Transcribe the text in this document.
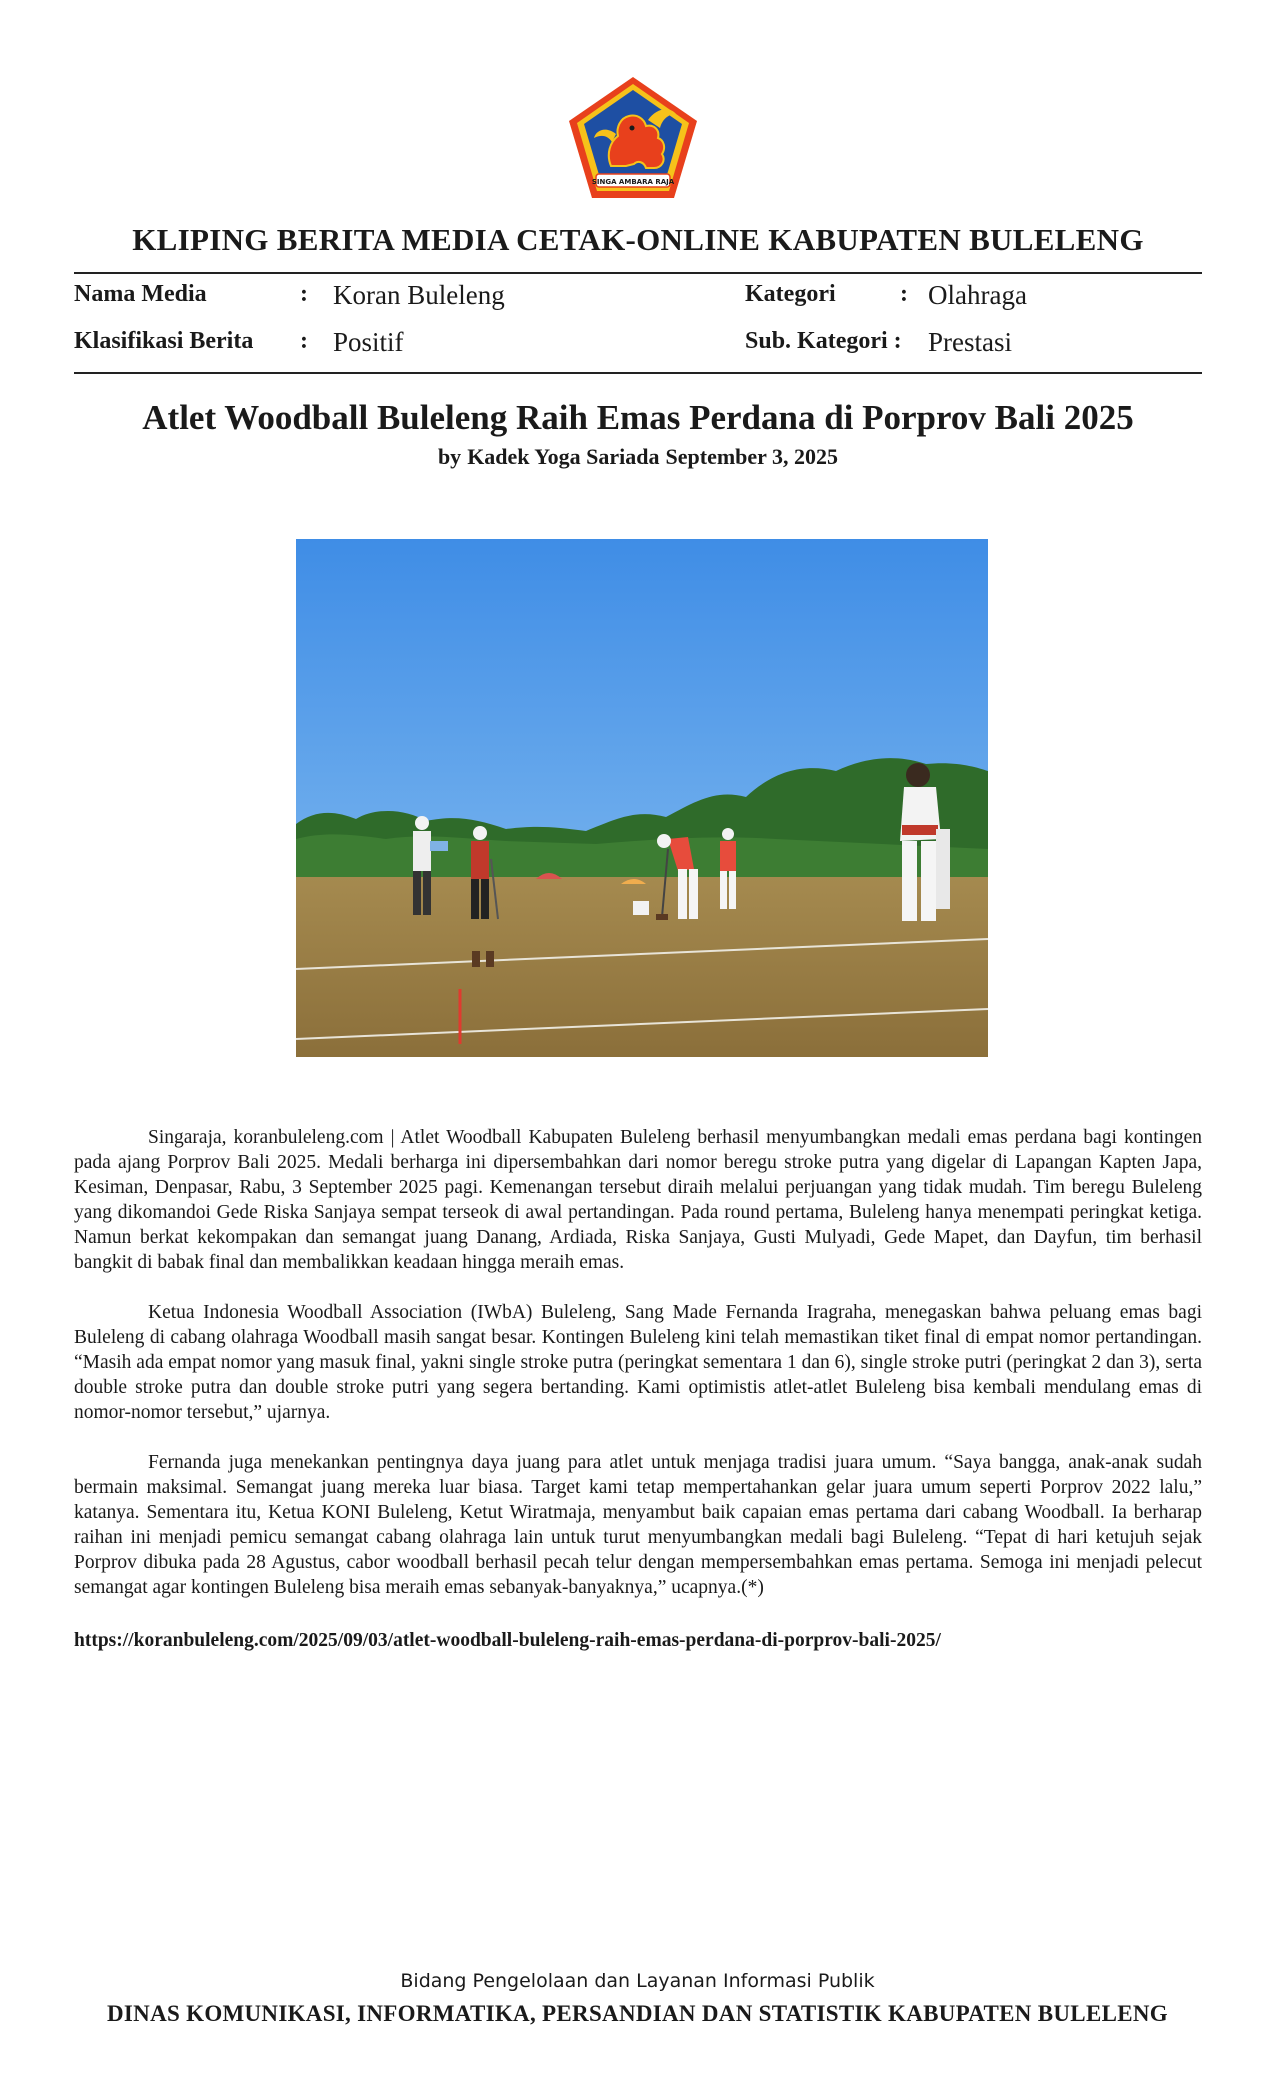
SINGA AMBARA RAJA
KLIPING BERITA MEDIA CETAK-ONLINE KABUPATEN BULELENG
Nama Media	: Koran Buleleng
Klasifikasi Berita : Positif
Kategori	: Olahraga
Sub. Kategori : Prestasi
Atlet Woodball Buleleng Raih Emas Perdana di Porprov Bali 2025
by Kadek Yoga Sariada September 3, 2025

Singaraja, koranbuleleng.com | Atlet Woodball Kabupaten Buleleng berhasil menyumbangkan medali emas perdana bagi kontingen pada ajang Porprov Bali 2025. Medali berharga ini dipersembahkan dari nomor beregu stroke putra yang digelar di Lapangan Kapten Japa, Kesiman, Denpasar, Rabu, 3 September 2025 pagi. Kemenangan tersebut diraih melalui perjuangan yang tidak mudah. Tim beregu Buleleng yang dikomandoi Gede Riska Sanjaya sempat terseok di awal pertandingan. Pada round pertama, Buleleng hanya menempati peringkat ketiga. Namun berkat kekompakan dan semangat juang Danang, Ardiada, Riska Sanjaya, Gusti Mulyadi, Gede Mapet, dan Dayfun, tim berhasil bangkit di babak final dan membalikkan keadaan hingga meraih emas.

Ketua Indonesia Woodball Association (IWbA) Buleleng, Sang Made Fernanda Iragraha, menegaskan bahwa peluang emas bagi Buleleng di cabang olahraga Woodball masih sangat besar. Kontingen Buleleng kini telah memastikan tiket final di empat nomor pertandingan. “Masih ada empat nomor yang masuk final, yakni single stroke putra (peringkat sementara 1 dan 6), single stroke putri (peringkat 2 dan 3), serta double stroke putra dan double stroke putri yang segera bertanding. Kami optimistis atlet-atlet Buleleng bisa kembali mendulang emas di nomor-nomor tersebut,” ujarnya.

Fernanda juga menekankan pentingnya daya juang para atlet untuk menjaga tradisi juara umum. “Saya bangga, anak-anak sudah bermain maksimal. Semangat juang mereka luar biasa. Target kami tetap mempertahankan gelar juara umum seperti Porprov 2022 lalu,” katanya. Sementara itu, Ketua KONI Buleleng, Ketut Wiratmaja, menyambut baik capaian emas pertama dari cabang Woodball. Ia berharap raihan ini menjadi pemicu semangat cabang olahraga lain untuk turut menyumbangkan medali bagi Buleleng. “Tepat di hari ketujuh sejak Porprov dibuka pada 28 Agustus, cabor woodball berhasil pecah telur dengan mempersembahkan emas pertama. Semoga ini menjadi pelecut semangat agar kontingen Buleleng bisa meraih emas sebanyak-banyaknya,” ucapnya.(*)

https://koranbuleleng.com/2025/09/03/atlet-woodball-buleleng-raih-emas-perdana-di-porprov-bali-2025/
Bidang Pengelolaan dan Layanan Informasi Publik
DINAS KOMUNIKASI, INFORMATIKA, PERSANDIAN DAN STATISTIK KABUPATEN BULELENG
